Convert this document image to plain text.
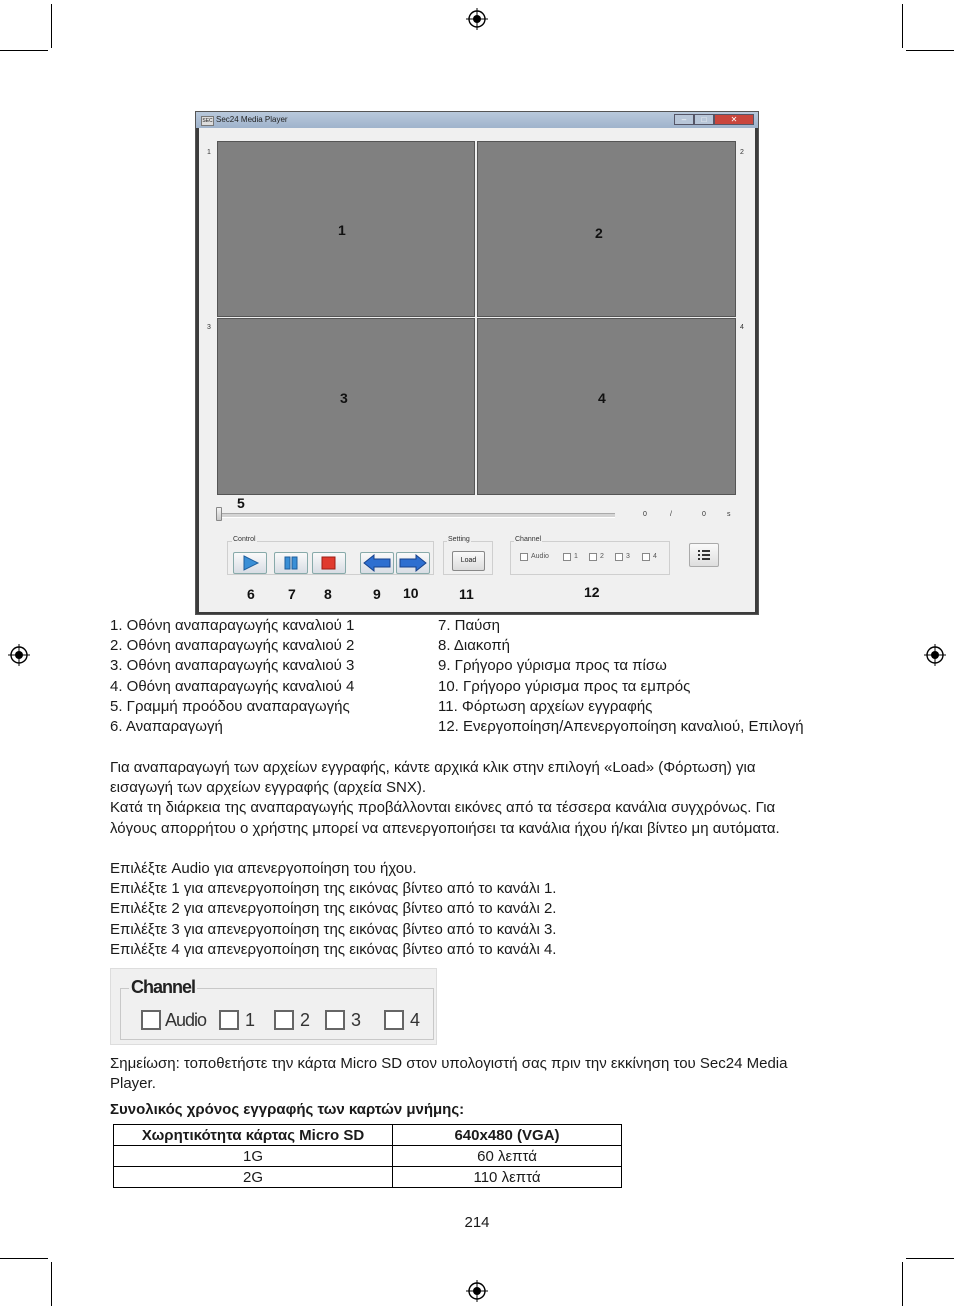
SEC Sec24 Media Player	–	□	✕
1	2
3	4
1	2
3	4
5
0	/	0	s
Control	Setting
Load
Channel
Audio	1	2	3	4
6 7 8	9 10	11	12
1. Οθόνη αναπαραγωγής καναλιού 1
2. Οθόνη αναπαραγωγής καναλιού 2
3. Οθόνη αναπαραγωγής καναλιού 3
4. Οθόνη αναπαραγωγής καναλιού 4
5. Γραμμή προόδου αναπαραγωγής
6. Αναπαραγωγή
7. Παύση
8. Διακοπή
9. Γρήγορο γύρισμα προς τα πίσω
10. Γρήγορο γύρισμα προς τα εμπρός
11. Φόρτωση αρχείων εγγραφής
12. Ενεργοποίηση/Απενεργοποίηση καναλιού, Επιλογή
Για αναπαραγωγή των αρχείων εγγραφής, κάντε αρχικά κλικ στην επιλογή «Load» (Φόρτωση) για
εισαγωγή των αρχείων εγγραφής (αρχεία SNX).
Κατά τη διάρκεια της αναπαραγωγής προβάλλονται εικόνες από τα τέσσερα κανάλια συγχρόνως. Για
λόγους απορρήτου ο χρήστης μπορεί να απενεργοποιήσει τα κανάλια ήχου ή/και βίντεο μη αυτόματα.
Επιλέξτε Audio για απενεργοποίηση του ήχου.
Επιλέξτε 1 για απενεργοποίηση της εικόνας βίντεο από το κανάλι 1.
Επιλέξτε 2 για απενεργοποίηση της εικόνας βίντεο από το κανάλι 2.
Επιλέξτε 3 για απενεργοποίηση της εικόνας βίντεο από το κανάλι 3.
Επιλέξτε 4 για απενεργοποίηση της εικόνας βίντεο από το κανάλι 4.
Channel
Audio 1 2 3	4
Σημείωση: τοποθετήστε την κάρτα Micro SD στον υπολογιστή σας πριν την εκκίνηση του Sec24 Media
Player.
Συνολικός χρόνος εγγραφής των καρτών μνήμης:
Χωρητικότητα κάρτας Micro SD	640x480 (VGA)
1G	60 λεπτά
2G	110 λεπτά
214
